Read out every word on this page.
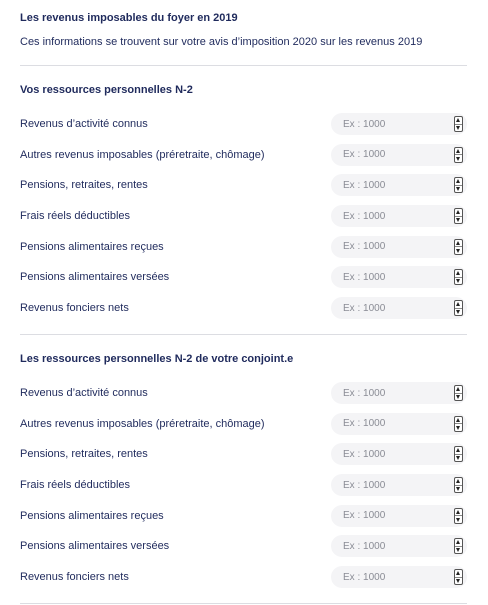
Les revenus imposables du foyer en 2019
Ces informations se trouvent sur votre avis d’imposition 2020 sur les revenus 2019
Vos ressources personnelles N-2
Revenus d’activité connus
Ex : 1000
Autres revenus imposables (préretraite, chômage)
Ex : 1000
Pensions, retraites, rentes
Ex : 1000
Frais réels déductibles
Ex : 1000
Pensions alimentaires reçues
Ex : 1000
Pensions alimentaires versées
Ex : 1000
Revenus fonciers nets
Ex : 1000
Les ressources personnelles N-2 de votre conjoint.e
Revenus d’activité connus
Ex : 1000
Autres revenus imposables (préretraite, chômage)
Ex : 1000
Pensions, retraites, rentes
Ex : 1000
Frais réels déductibles
Ex : 1000
Pensions alimentaires reçues
Ex : 1000
Pensions alimentaires versées
Ex : 1000
Revenus fonciers nets
Ex : 1000
